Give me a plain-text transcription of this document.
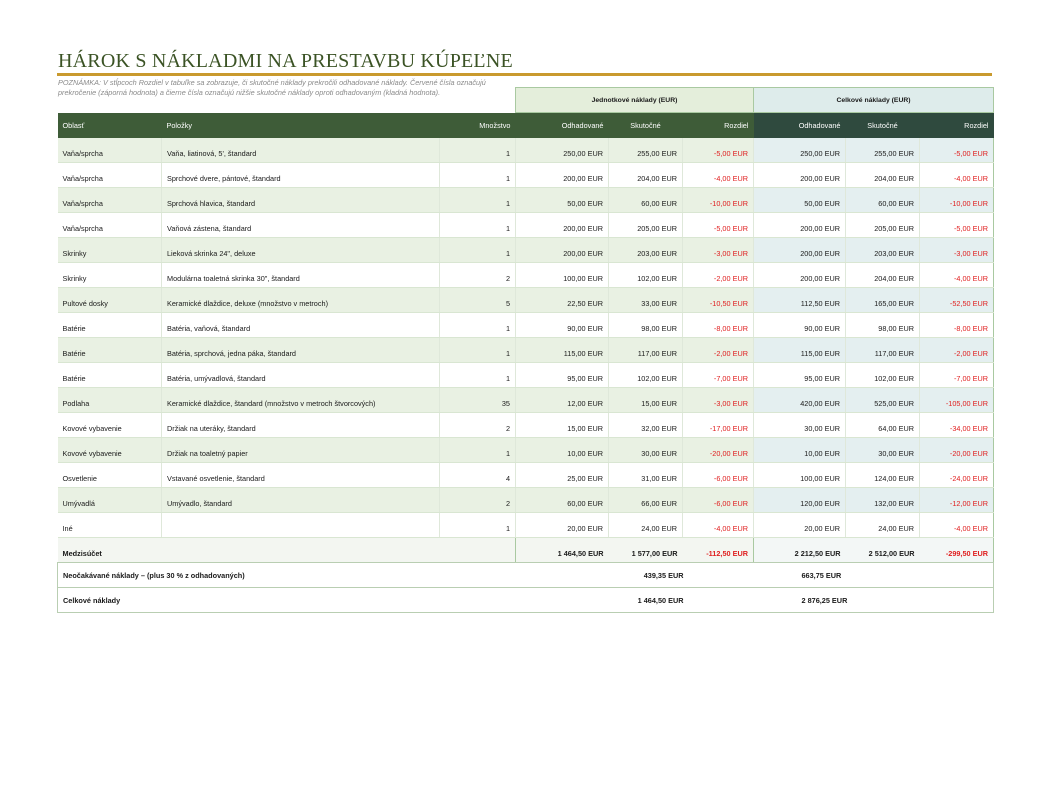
HÁROK S NÁKLADMI NA PRESTAVBU KÚPEĽNE
POZNÁMKA: V stĺpcoch Rozdiel v tabuľke sa zobrazuje, či skutočné náklady prekročili odhadované náklady. Červené čísla označujú prekročenie (záporná hodnota) a čierne čísla označujú nižšie skutočné náklady oproti odhadovaným (kladná hodnota).
			Jednotkové náklady (EUR)			Celkové náklady (EUR)		
Oblasť	Položky	Množstvo	Odhadované	Skutočné	Rozdiel	Odhadované	Skutočné	Rozdiel
Vaňa/sprcha	Vaňa, liatinová, 5', štandard	1	250,00 EUR	255,00 EUR	-5,00 EUR	250,00 EUR	255,00 EUR	-5,00 EUR
Vaňa/sprcha	Sprchové dvere, pántové, štandard	1	200,00 EUR	204,00 EUR	-4,00 EUR	200,00 EUR	204,00 EUR	-4,00 EUR
Vaňa/sprcha	Sprchová hlavica, štandard	1	50,00 EUR	60,00 EUR	-10,00 EUR	50,00 EUR	60,00 EUR	-10,00 EUR
Vaňa/sprcha	Vaňová zástena, štandard	1	200,00 EUR	205,00 EUR	-5,00 EUR	200,00 EUR	205,00 EUR	-5,00 EUR
Skrinky	Lieková skrinka 24", deluxe	1	200,00 EUR	203,00 EUR	-3,00 EUR	200,00 EUR	203,00 EUR	-3,00 EUR
Skrinky	Modulárna toaletná skrinka 30", štandard	2	100,00 EUR	102,00 EUR	-2,00 EUR	200,00 EUR	204,00 EUR	-4,00 EUR
Pultové dosky	Keramické dlaždice, deluxe (množstvo v metroch)	5	22,50 EUR	33,00 EUR	-10,50 EUR	112,50 EUR	165,00 EUR	-52,50 EUR
Batérie	Batéria, vaňová, štandard	1	90,00 EUR	98,00 EUR	-8,00 EUR	90,00 EUR	98,00 EUR	-8,00 EUR
Batérie	Batéria, sprchová, jedna páka, štandard	1	115,00 EUR	117,00 EUR	-2,00 EUR	115,00 EUR	117,00 EUR	-2,00 EUR
Batérie	Batéria, umývadlová, štandard	1	95,00 EUR	102,00 EUR	-7,00 EUR	95,00 EUR	102,00 EUR	-7,00 EUR
Podlaha	Keramické dlaždice, štandard (množstvo v metroch štvorcových)	35	12,00 EUR	15,00 EUR	-3,00 EUR	420,00 EUR	525,00 EUR	-105,00 EUR
Kovové vybavenie	Držiak na uteráky, štandard	2	15,00 EUR	32,00 EUR	-17,00 EUR	30,00 EUR	64,00 EUR	-34,00 EUR
Kovové vybavenie	Držiak na toaletný papier	1	10,00 EUR	30,00 EUR	-20,00 EUR	10,00 EUR	30,00 EUR	-20,00 EUR
Osvetlenie	Vstavané osvetlenie, štandard	4	25,00 EUR	31,00 EUR	-6,00 EUR	100,00 EUR	124,00 EUR	-24,00 EUR
Umývadlá	Umývadlo, štandard	2	60,00 EUR	66,00 EUR	-6,00 EUR	120,00 EUR	132,00 EUR	-12,00 EUR
Iné		1	20,00 EUR	24,00 EUR	-4,00 EUR	20,00 EUR	24,00 EUR	-4,00 EUR
Medzisúčet			1 464,50 EUR	1 577,00 EUR	-112,50 EUR	2 212,50 EUR	2 512,00 EUR	-299,50 EUR
Neočakávané náklady – (plus 30 % z odhadovaných)				439,35 EUR		663,75 EUR		
Celkové náklady				1 464,50 EUR		2 876,25 EUR		
